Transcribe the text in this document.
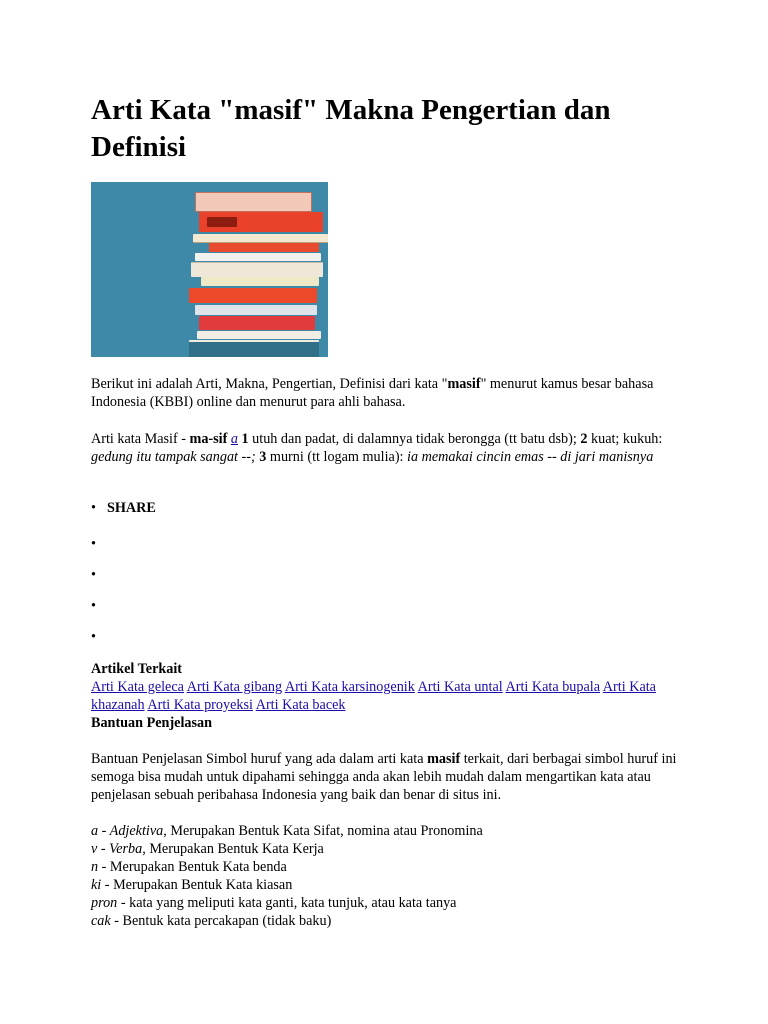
Arti Kata "masif" Makna Pengertian dan Definisi

Berikut ini adalah Arti, Makna, Pengertian, Definisi dari kata "masif" menurut kamus besar bahasa Indonesia (KBBI) online dan menurut para ahli bahasa.

Arti kata Masif - ma-sif a 1 utuh dan padat, di dalamnya tidak berongga (tt batu dsb); 2 kuat; kukuh: gedung itu tampak sangat --; 3 murni (tt logam mulia): ia memakai cincin emas -- di jari manisnya

• SHARE
Artikel Terkait
Arti Kata geleca Arti Kata gibang Arti Kata karsinogenik Arti Kata untal Arti Kata bupala Arti Kata khazanah Arti Kata proyeksi Arti Kata bacek
Bantuan Penjelasan

Bantuan Penjelasan Simbol huruf yang ada dalam arti kata masif terkait, dari berbagai simbol huruf ini semoga bisa mudah untuk dipahami sehingga anda akan lebih mudah dalam mengartikan kata atau penjelasan sebuah peribahasa Indonesia yang baik dan benar di situs ini.

a - Adjektiva, Merupakan Bentuk Kata Sifat, nomina atau Pronomina
v - Verba, Merupakan Bentuk Kata Kerja
n - Merupakan Bentuk Kata benda
ki - Merupakan Bentuk Kata kiasan
pron - kata yang meliputi kata ganti, kata tunjuk, atau kata tanya
cak - Bentuk kata percakapan (tidak baku)
